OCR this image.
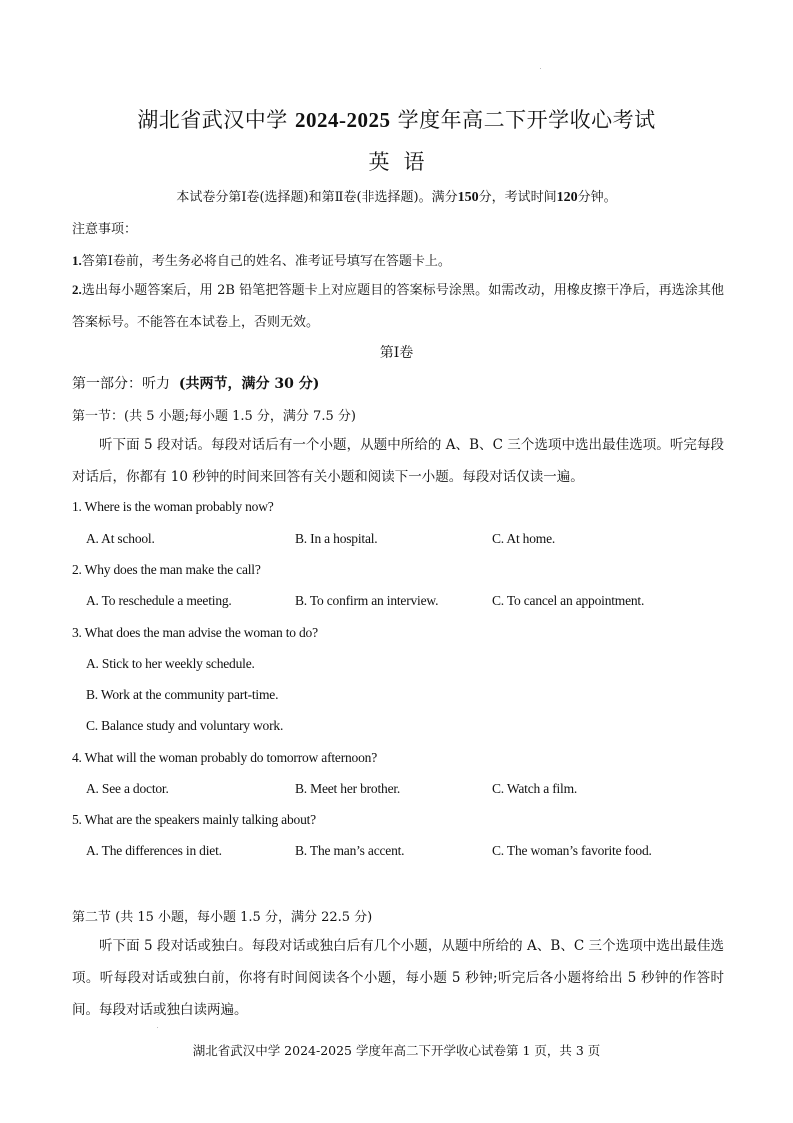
湖北省武汉中学 2024-2025 学度年高二下开学收心考试
英语
本试卷分第Ⅰ卷(选择题)和第Ⅱ卷(非选择题)。满分150分，考试时间120分钟。
注意事项：
1.答第Ⅰ卷前，考生务必将自己的姓名、准考证号填写在答题卡上。
2.选出每小题答案后，用 2B 铅笔把答题卡上对应题目的答案标号涂黑。如需改动，用橡皮擦干净后，再选涂其他答案标号。不能答在本试卷上，否则无效。
第Ⅰ卷
第一部分：听力 (共两节，满分 30 分)
第一节：(共 5 小题;每小题 1.5 分，满分 7.5 分)
听下面 5 段对话。每段对话后有一个小题，从题中所给的 A、B、C 三个选项中选出最佳选项。听完每段对话后，你都有 10 秒钟的时间来回答有关小题和阅读下一小题。每段对话仅读一遍。
1. Where is the woman probably now?
A. At school.	B. In a hospital.	C. At home.
2. Why does the man make the call?
A. To reschedule a meeting.	B. To confirm an interview.	C. To cancel an appointment.
3. What does the man advise the woman to do?
A. Stick to her weekly schedule.
B. Work at the community part-time.
C. Balance study and voluntary work.
4. What will the woman probably do tomorrow afternoon?
A. See a doctor.	B. Meet her brother.	C. Watch a film.
5. What are the speakers mainly talking about?
A. The differences in diet.	B. The man’s accent.	C. The woman’s favorite food.
第二节 (共 15 小题，每小题 1.5 分，满分 22.5 分)
听下面 5 段对话或独白。每段对话或独白后有几个小题，从题中所给的 A、B、C 三个选项中选出最佳选项。听每段对话或独白前，你将有时间阅读各个小题，每小题 5 秒钟;听完后各小题将给出 5 秒钟的作答时间。每段对话或独白读两遍。
湖北省武汉中学 2024-2025 学度年高二下开学收心试卷第 1 页，共 3 页
